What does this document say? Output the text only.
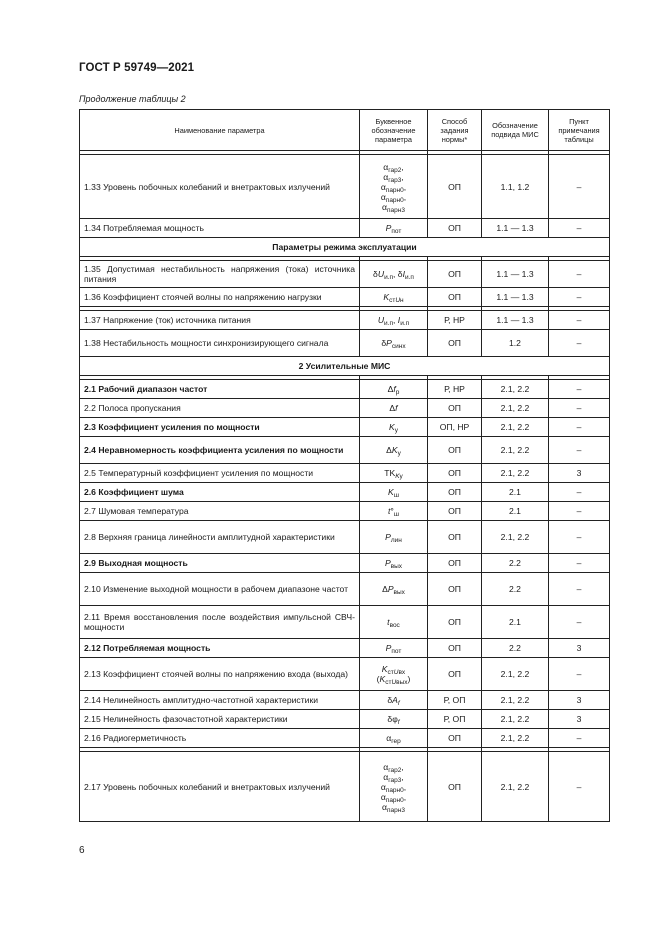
ГОСТ Р 59749—2021
Продолжение таблицы 2
Наименование параметра	Буквенное обозначение параметра	Способ задания нормы*	Обозначение подвида МИС	Пункт примечания таблицы

1.33 Уровень побочных колебаний и внетрактовых излучений	$\alpha_{гар2}$,
$\alpha_{гар3}$,
$\alpha_{парн0}$,
$\alpha_{парн0}$,
$\alpha_{парн3}$	ОП	1.1, 1.2	–
1.34 Потребляемая мощность	$P_{пот}$	ОП	1.1 — 1.3	–
Параметры режима эксплуатации				

1.35 Допустимая нестабильность напряжения (тока) источника питания	$\delta U_{и.п}$, $\delta I_{и.п}$	ОП	1.1 — 1.3	–
1.36 Коэффициент стоячей волны по напряжению нагрузки	$K_{стUн}$	ОП	1.1 — 1.3	–

1.37 Напряжение (ток) источника питания	$U_{и.п}$, $I_{и.п}$	Р, НР	1.1 — 1.3	–
1.38 Нестабильность мощности синхронизирующего сигнала	$\delta P_{синх}$	ОП	1.2	–
2 Усилительные МИС				

2.1 Рабочий диапазон частот	$\Delta f_р$	Р, НР	2.1, 2.2	–
2.2 Полоса пропускания	Δf	ОП	2.1, 2.2	–
2.3 Коэффициент усиления по мощности	$K_у$	ОП, НР	2.1, 2.2	–
2.4 Неравномерность коэффициента усиления по мощности	$\Delta K_у$	ОП	2.1, 2.2	–
2.5 Температурный коэффициент усиления по мощности	$TK_{Kу}$	ОП	2.1, 2.2	3
2.6 Коэффициент шума	$K_ш$	ОП	2.1	–
2.7 Шумовая температура	$t^\circ_ш$	ОП	2.1	–
2.8 Верхняя граница линейности амплитудной характеристики	$P_{лин}$	ОП	2.1, 2.2	–
2.9 Выходная мощность	$P_{вых}$	ОП	2.2	–
2.10 Изменение выходной мощности в рабочем диапазоне частот	$\Delta P_{вых}$	ОП	2.2	–
2.11 Время восстановления после воздействия импульсной СВЧ-мощности	$t_{вос}$	ОП	2.1	–
2.12 Потребляемая мощность	$P_{пот}$	ОП	2.2	3
2.13 Коэффициент стоячей волны по напряжению входа (выхода)	$K_{стUвх}$
$(K_{стUвых})$	ОП	2.1, 2.2	–
2.14 Нелинейность амплитудно-частотной характеристики	$\delta A_f$	Р, ОП	2.1, 2.2	3
2.15 Нелинейность фазочастотной характеристики	$\delta\varphi_f$	Р, ОП	2.1, 2.2	3
2.16 Радиогерметичность	$\alpha_{гер}$	ОП	2.1, 2.2	–

2.17 Уровень побочных колебаний и внетрактовых излучений	$\alpha_{гар2}$,
$\alpha_{гар3}$,
$\alpha_{парн0}$,
$\alpha_{парн0}$,
$\alpha_{парн3}$	ОП	2.1, 2.2	–
6
